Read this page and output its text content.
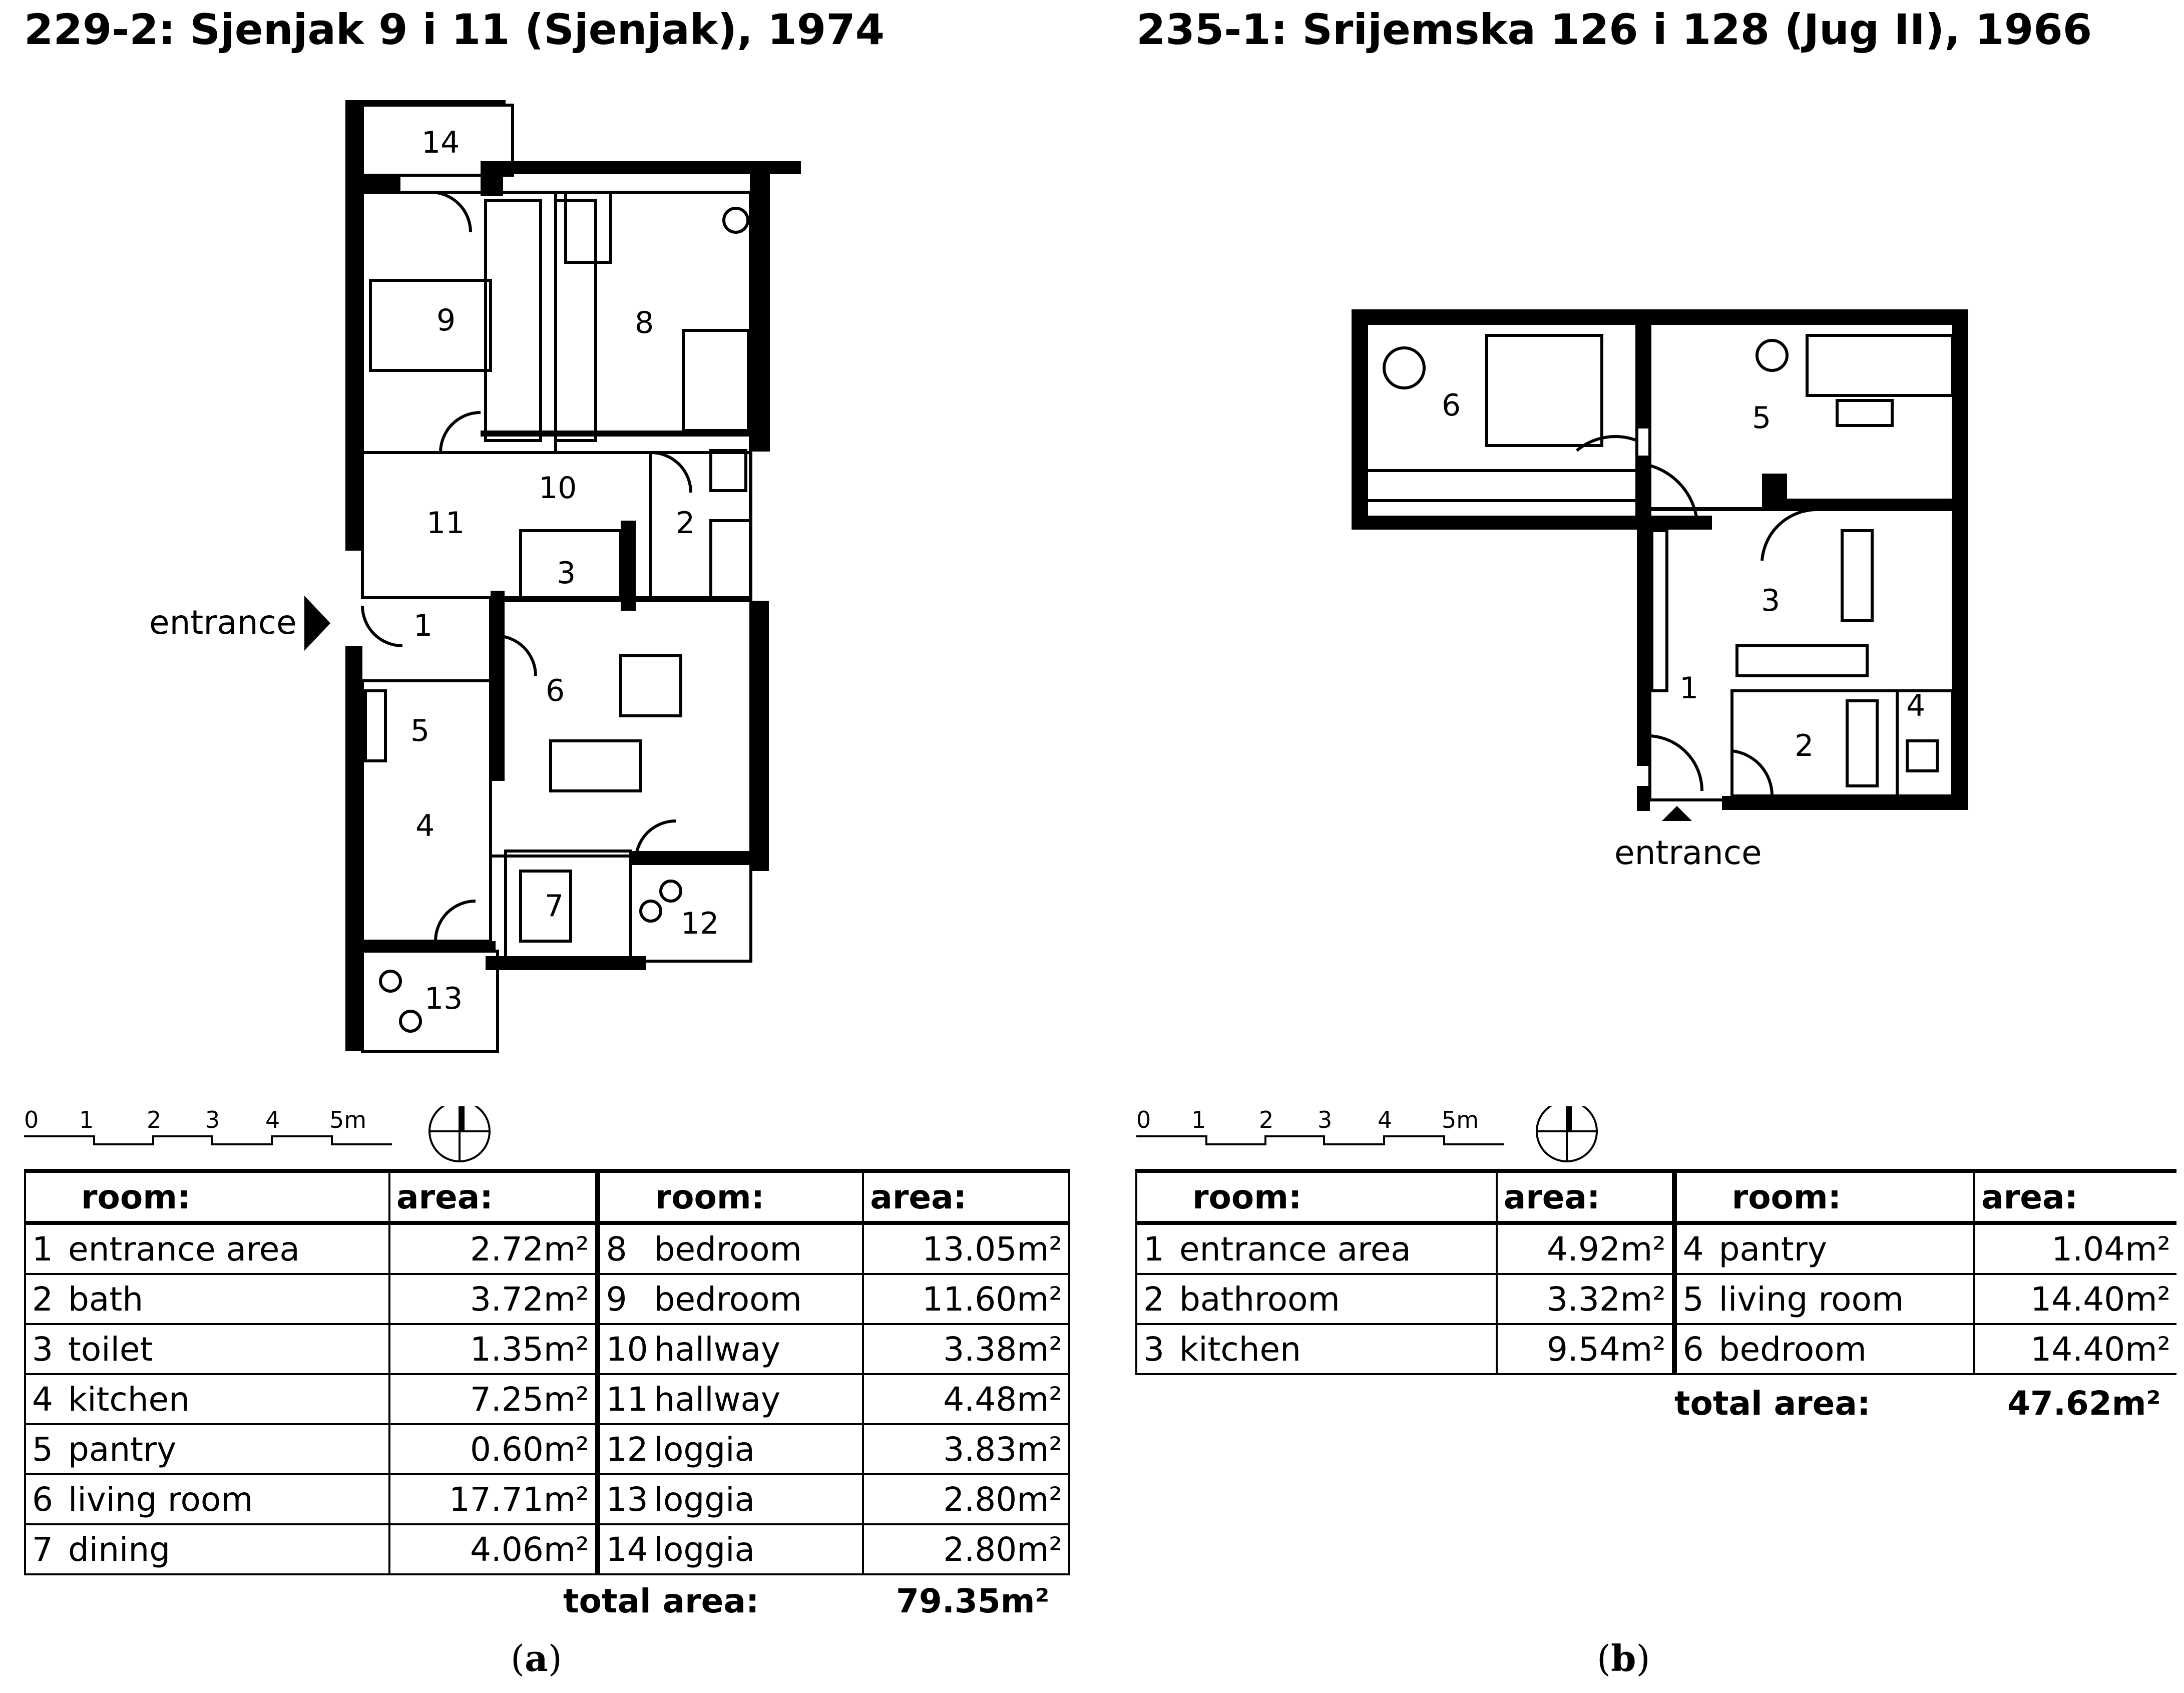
229-2: Sjenjak 9 i 11 (Sjenjak), 1974
entrance	1
2
3
4
5
6
7
8
9
10
11
12
13
14
0 1 2 3 4 5m
room:		area:	room:		area:
1	entrance area	2.72m²	8	bedroom	13.05m²
2	bath	3.72m²	9	bedroom	11.60m²
3	toilet	1.35m²	10	hallway	3.38m²
4	kitchen	7.25m²	11	hallway	4.48m²
5	pantry	0.60m²	12	loggia	3.83m²
6	living room	17.71m²	13	loggia	2.80m²
7	dining	4.06m²	14	loggia	2.80m²
total area:	79.35m²
(a)
235-1: Srijemska 126 i 128 (Jug II), 1966
entrance
1
2
3
4
5
6
0 1 2 3 4 5m
room:		area:	room:		area:
1	entrance area	4.92m²	4	pantry	1.04m²
2	bathroom	3.32m²	5	living room	14.40m²
3	kitchen	9.54m²	6	bedroom	14.40m²
total area:	47.62m²
(b)
